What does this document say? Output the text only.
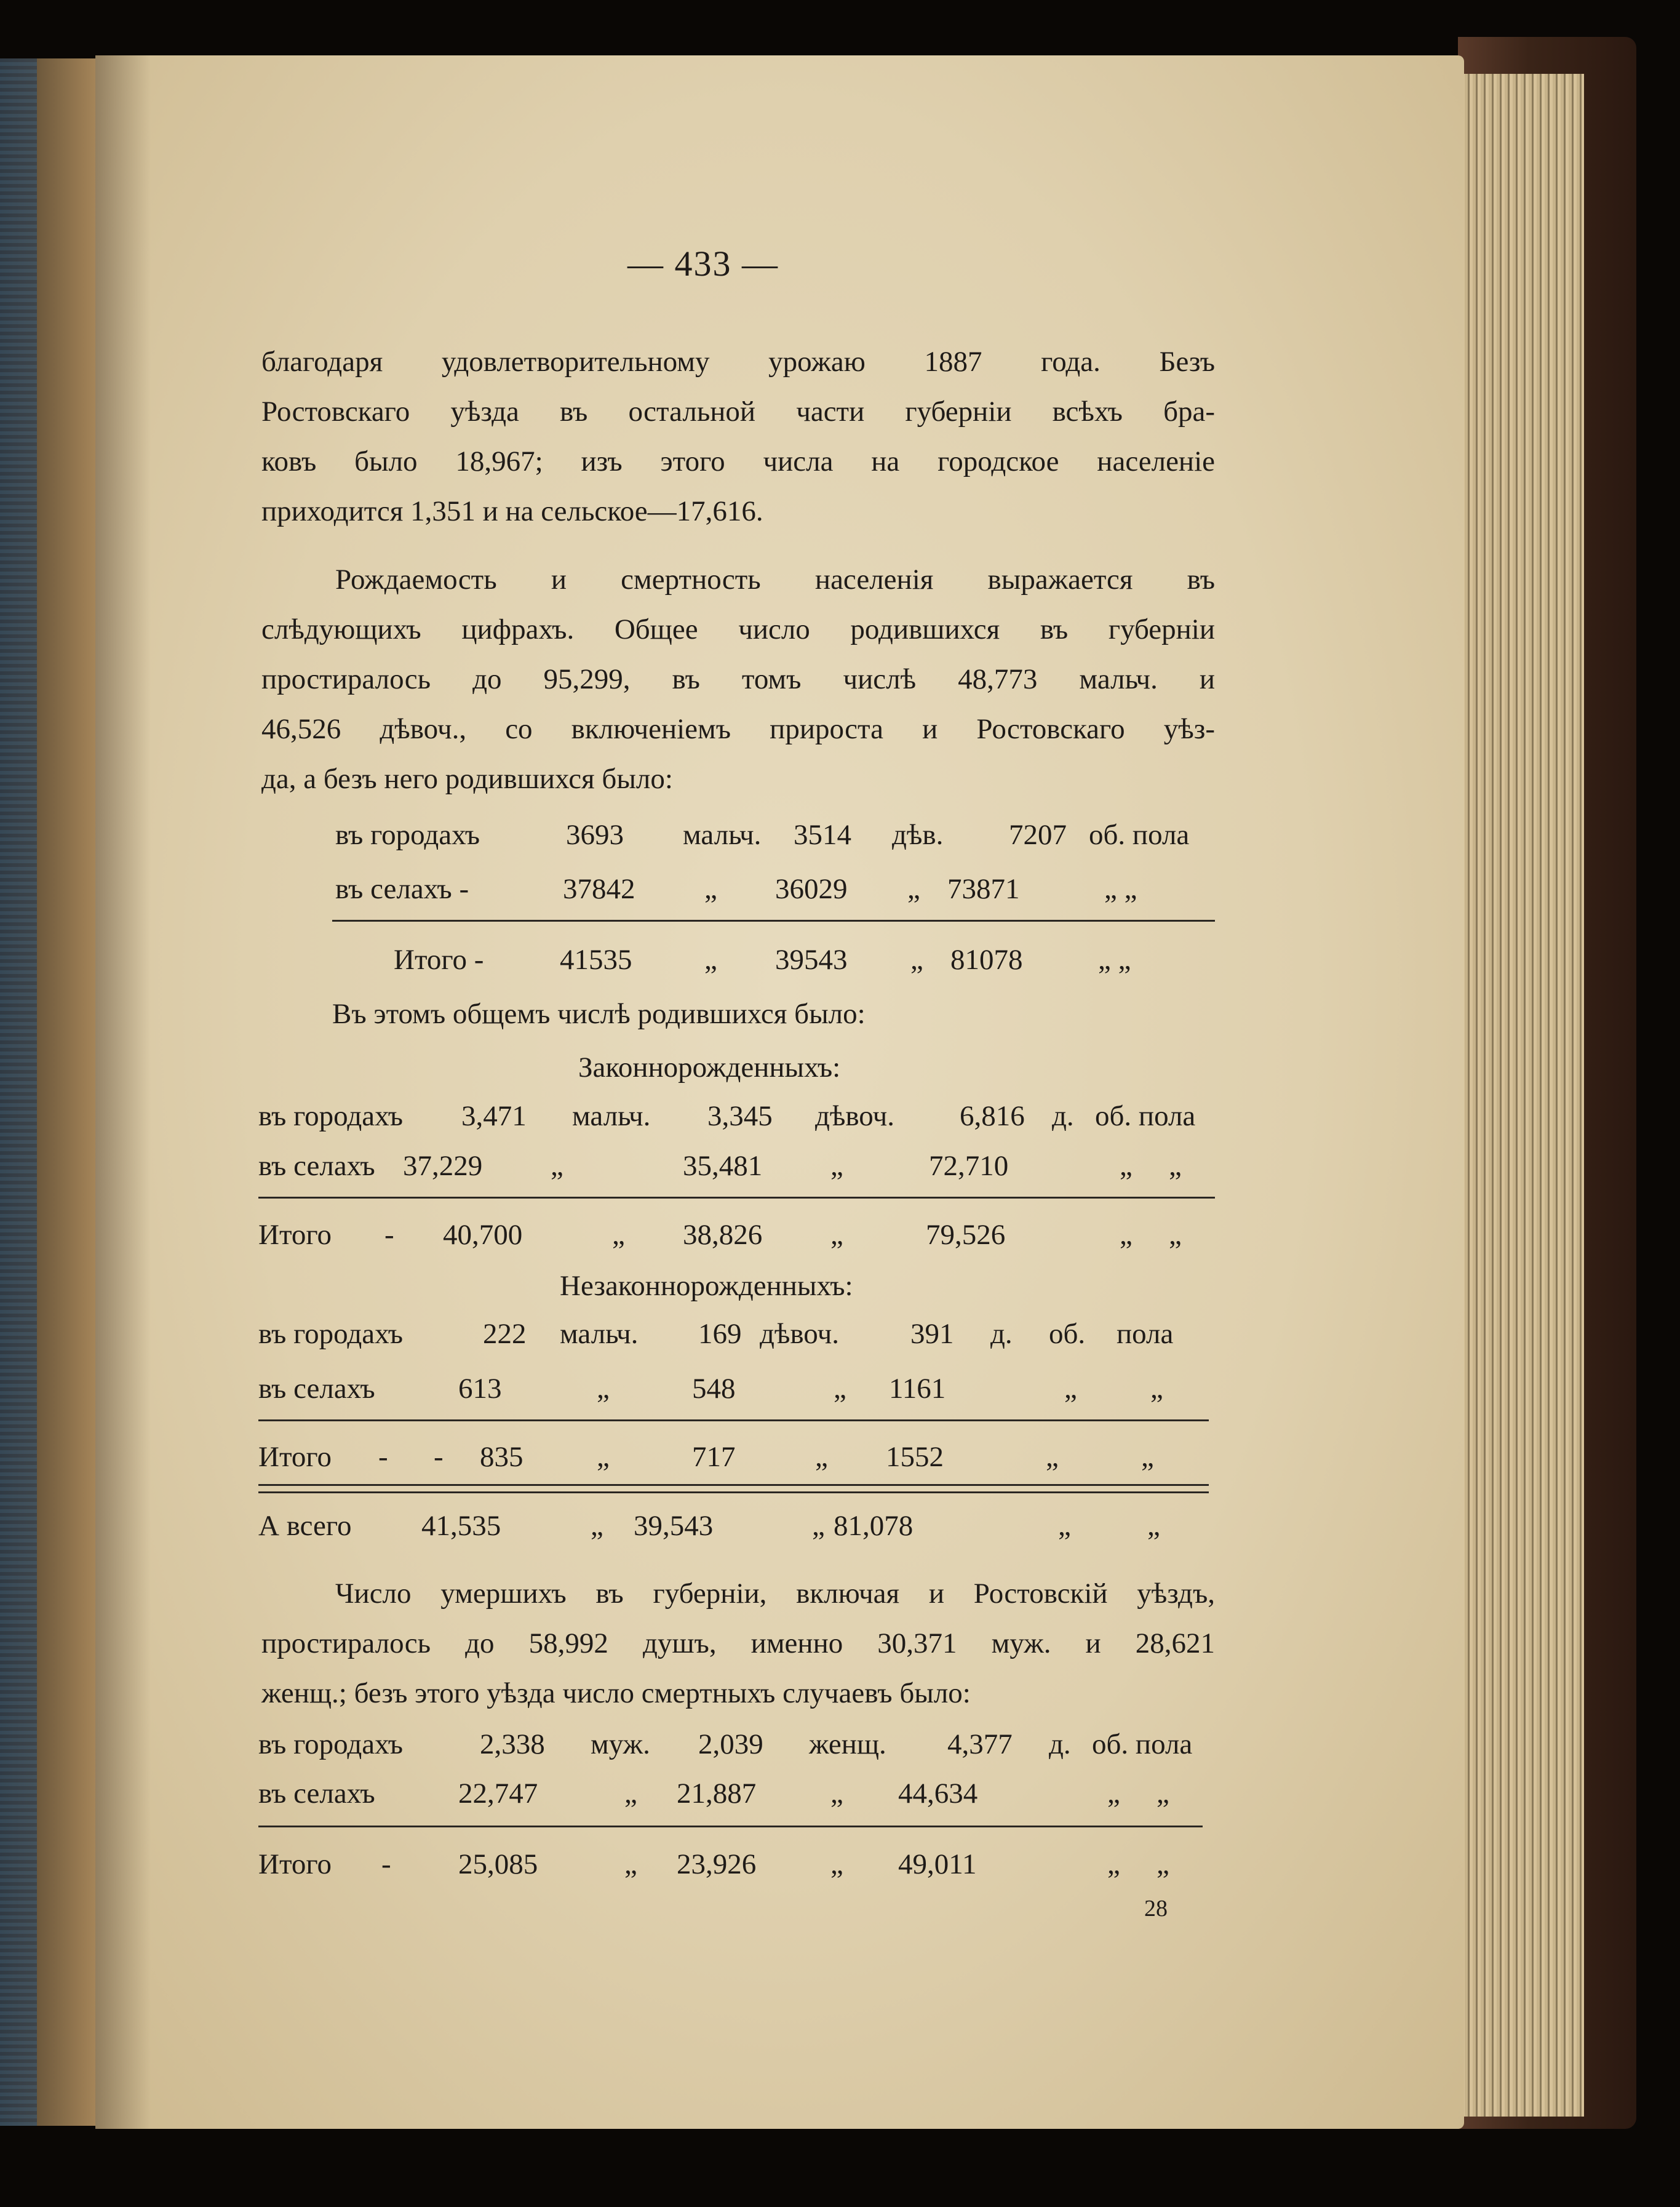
— 433 —
благодаря удовлетворительному урожаю 1887 года. Безъ
Ростовскаго уѣзда въ остальной части губерніи всѣхъ бра-
ковъ было 18,967; изъ этого числа на городское населеніе
приходится 1,351 и на сельское—17,616.
Рождаемость и смертность населенія выражается въ
слѣдующихъ цифрахъ. Общее число родившихся въ губерніи
простиралось до 95,299, въ томъ числѣ 48,773 мальч. и
46,526 дѣвоч., со включеніемъ прироста и Ростовскаго уѣз-
да, а безъ него родившихся было:
въ городахъ	3693 мальч. 3514 дѣв. 7207 об. пола
въ селахъ -	37842 „ 36029 „ 73871	„ „
Итого -	41535	„ 39543 „ 81078	„ „
Въ этомъ общемъ числѣ родившихся было:
Законнорожденныхъ:
въ городахъ 3,471 мальч. 3,345 дѣвоч. 6,816 д. об. пола
въ селахъ 37,229 „	35,481 „	72,710	„ „
Итого - 40,700	„ 38,826 „	79,526	„ „
Незаконнорожденныхъ:
въ городахъ	222 мальч. 169 дѣвоч. 391 д. об. пола
въ селахъ	613	„	548	„ 1161	„	„
Итого - - 835	„	717	„ 1552	„	„
А всего 41,535	„ 39,543	„ 81,078	„	„
Число умершихъ въ губерніи, включая и Ростовскій уѣздъ,
простиралось до 58,992 душъ, именно 30,371 муж. и 28,621
женщ.; безъ этого уѣзда число смертныхъ случаевъ было:
въ городахъ	2,338 муж. 2,039 женщ. 4,377 д. об. пола
въ селахъ	22,747	„ 21,887	„ 44,634	„ „
Итого - 25,085	„ 23,926	„ 49,011	„ „
28
